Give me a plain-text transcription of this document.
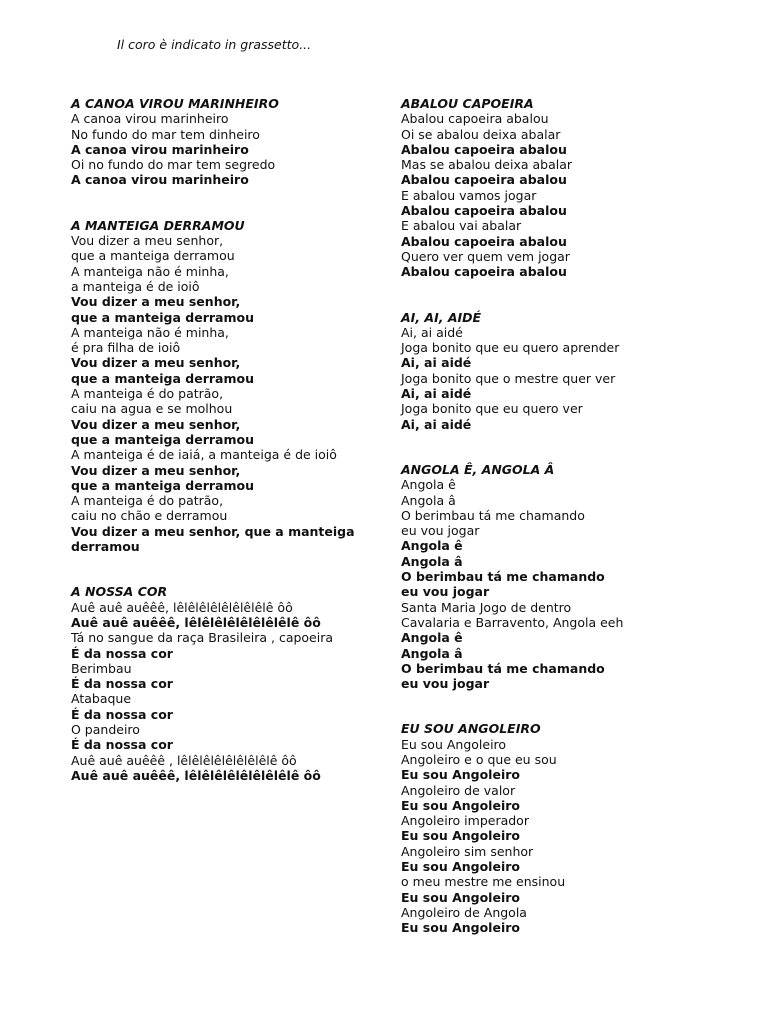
Il coro è indicato in grassetto...
A CANOA VIROU MARINHEIRO
A canoa virou marinheiro
No fundo do mar tem dinheiro
A canoa virou marinheiro
Oi no fundo do mar tem segredo
A canoa virou marinheiro
A MANTEIGA DERRAMOU
Vou dizer a meu senhor,
que a manteiga derramou
A manteiga não é minha,
a manteiga é de ioiô
Vou dizer a meu senhor,
que a manteiga derramou
A manteiga não é minha,
é pra filha de ioiô
Vou dizer a meu senhor,
que a manteiga derramou
A manteiga é do patrão,
caiu na agua e se molhou
Vou dizer a meu senhor,
que a manteiga derramou
A manteiga é de iaiá, a manteiga é de ioiô
Vou dizer a meu senhor,
que a manteiga derramou
A manteiga é do patrão,
caiu no chão e derramou
Vou dizer a meu senhor, que a manteiga derramou
A NOSSA COR
Auê auê auêêê, lêlêlêlêlêlêlêlêlê ôô
Auê auê auêêê, lêlêlêlêlêlêlêlêlê ôô
Tá no sangue da raça Brasileira , capoeira
É da nossa cor
Berimbau
É da nossa cor
Atabaque
É da nossa cor
O pandeiro
É da nossa cor
Auê auê auêêê , lêlêlêlêlêlêlêlêlê ôô
Auê auê auêêê, lêlêlêlêlêlêlêlêlê ôô
ABALOU CAPOEIRA
Abalou capoeira abalou
Oi se abalou deixa abalar
Abalou capoeira abalou
Mas se abalou deixa abalar
Abalou capoeira abalou
E abalou vamos jogar
Abalou capoeira abalou
E abalou vai abalar
Abalou capoeira abalou
Quero ver quem vem jogar
Abalou capoeira abalou
AI, AI, AIDÉ
Ai, ai aidé
Joga bonito que eu quero aprender
Ai, ai aidé
Joga bonito que o mestre quer ver
Ai, ai aidé
Joga bonito que eu quero ver
Ai, ai aidé
ANGOLA Ê, ANGOLA Â
Angola ê
Angola â
O berimbau tá me chamando
eu vou jogar
Angola ê
Angola â
O berimbau tá me chamando
eu vou jogar
Santa Maria Jogo de dentro
Cavalaria e Barravento, Angola eeh
Angola ê
Angola â
O berimbau tá me chamando
eu vou jogar
EU SOU ANGOLEIRO
Eu sou Angoleiro
Angoleiro e o que eu sou
Eu sou Angoleiro
Angoleiro de valor
Eu sou Angoleiro
Angoleiro imperador
Eu sou Angoleiro
Angoleiro sim senhor
Eu sou Angoleiro
o meu mestre me ensinou
Eu sou Angoleiro
Angoleiro de Angola
Eu sou Angoleiro
